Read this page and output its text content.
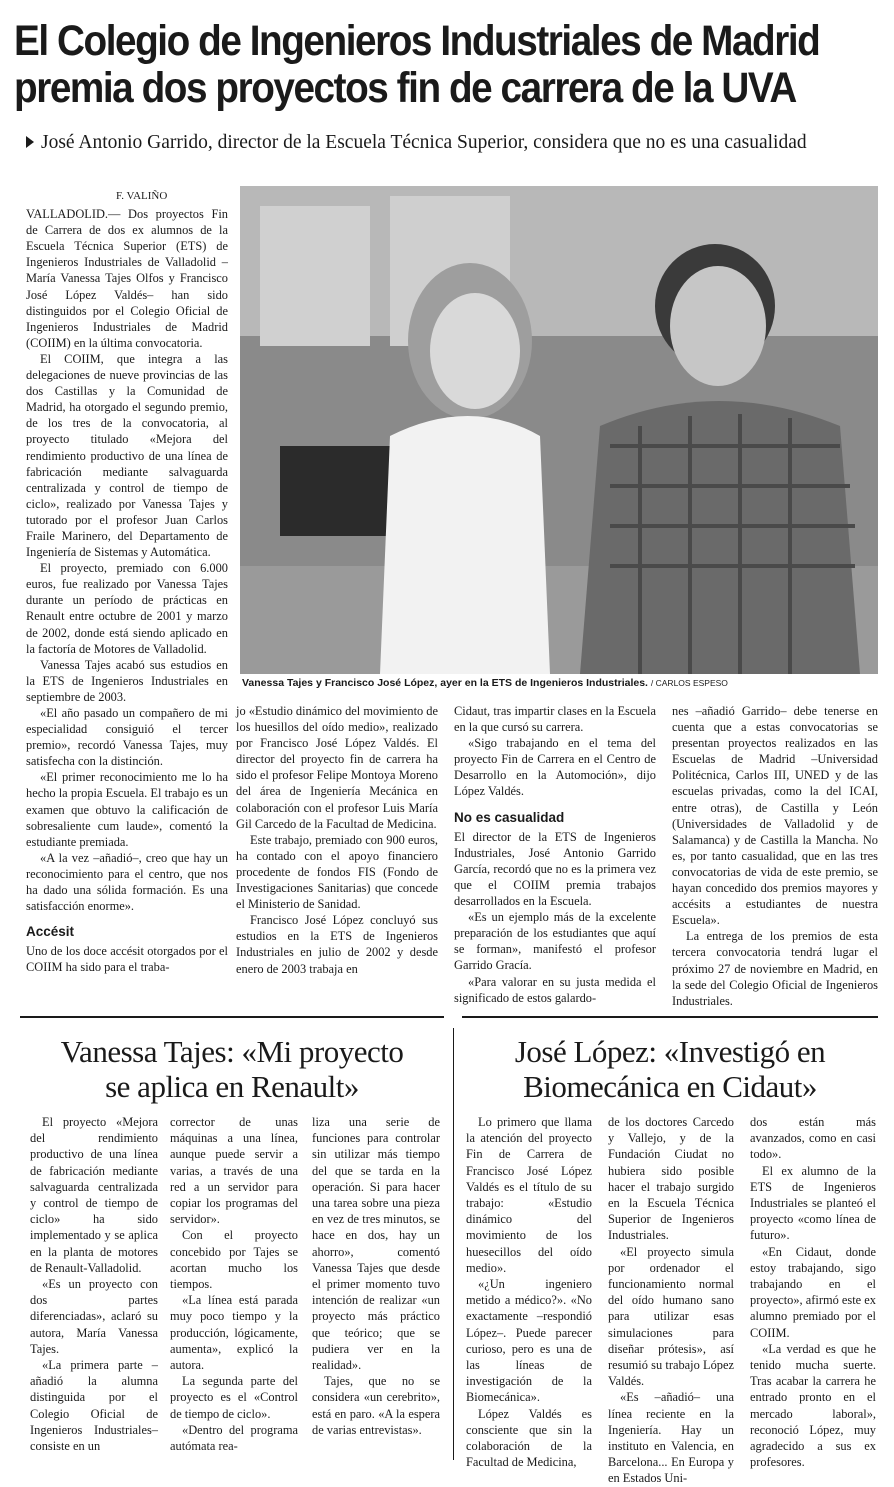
El Colegio de Ingenieros Industriales de Madrid
premia dos proyectos fin de carrera de la UVA
José Antonio Garrido, director de la Escuela Técnica Superior, considera que no es una casualidad
F. VALIÑO

VALLADOLID.— Dos proyectos Fin de Carrera de dos ex alumnos de la Escuela Técnica Superior (ETS) de Ingenieros Industriales de Valladolid –María Vanessa Tajes Olfos y Francisco José López Valdés– han sido distinguidos por el Colegio Oficial de Ingenieros Industriales de Madrid (COIIM) en la última convocatoria.

El COIIM, que integra a las delegaciones de nueve provincias de las dos Castillas y la Comunidad de Madrid, ha otorgado el segundo premio, de los tres de la convocatoria, al proyecto titulado «Mejora del rendimiento productivo de una línea de fabricación mediante salvaguarda centralizada y control de tiempo de ciclo», realizado por Vanessa Tajes y tutorado por el profesor Juan Carlos Fraile Marinero, del Departamento de Ingeniería de Sistemas y Automática.

El proyecto, premiado con 6.000 euros, fue realizado por Vanessa Tajes durante un período de prácticas en Renault entre octubre de 2001 y marzo de 2002, donde está siendo aplicado en la factoría de Motores de Valladolid.

Vanessa Tajes acabó sus estudios en la ETS de Ingenieros Industriales en septiembre de 2003.

«El año pasado un compañero de mi especialidad consiguió el tercer premio», recordó Vanessa Tajes, muy satisfecha con la distinción.

«El primer reconocimiento me lo ha hecho la propia Escuela. El trabajo es un examen que obtuvo la calificación de sobresaliente cum laude», comentó la estudiante premiada.

«A la vez –añadió–, creo que hay un reconocimiento para el centro, que nos ha dado una sólida formación. Es una satisfacción enorme».

Accésit

Uno de los doce accésit otorgados por el COIIM ha sido para el traba-

Vanessa Tajes y Francisco José López, ayer en la ETS de Ingenieros Industriales. / CARLOS ESPESO

jo «Estudio dinámico del movimiento de los huesillos del oído medio», realizado por Francisco José López Valdés. El director del proyecto fin de carrera ha sido el profesor Felipe Montoya Moreno del área de Ingeniería Mecánica en colaboración con el profesor Luis María Gil Carcedo de la Facultad de Medicina.

Este trabajo, premiado con 900 euros, ha contado con el apoyo financiero procedente de fondos FIS (Fondo de Investigaciones Sanitarias) que concede el Ministerio de Sanidad.

Francisco José López concluyó sus estudios en la ETS de Ingenieros Industriales en julio de 2002 y desde enero de 2003 trabaja en

Cidaut, tras impartir clases en la Escuela en la que cursó su carrera.

«Sigo trabajando en el tema del proyecto Fin de Carrera en el Centro de Desarrollo en la Automoción», dijo López Valdés.

No es casualidad

El director de la ETS de Ingenieros Industriales, José Antonio Garrido García, recordó que no es la primera vez que el COIIM premia trabajos desarrollados en la Escuela.

«Es un ejemplo más de la excelente preparación de los estudiantes que aquí se forman», manifestó el profesor Garrido Gracía.

«Para valorar en su justa medida el significado de estos galardo-

nes –añadió Garrido– debe tenerse en cuenta que a estas convocatorias se presentan proyectos realizados en las Escuelas de Madrid –Universidad Politécnica, Carlos III, UNED y de las escuelas privadas, como la del ICAI, entre otras), de Castilla y León (Universidades de Valladolid y de Salamanca) y de Castilla la Mancha. No es, por tanto casualidad, que en las tres convocatorias de vida de este premio, se hayan concedido dos premios mayores y accésits a estudiantes de nuestra Escuela».

La entrega de los premios de esta tercera convocatoria tendrá lugar el próximo 27 de noviembre en Madrid, en la sede del Colegio Oficial de Ingenieros Industriales.

Vanessa Tajes: «Mi proyecto
se aplica en Renault»

El proyecto «Mejora del rendimiento productivo de una línea de fabricación mediante salvaguarda centralizada y control de tiempo de ciclo» ha sido implementado y se aplica en la planta de motores de Renault-Valladolid.

«Es un proyecto con dos partes diferenciadas», aclaró su autora, María Vanessa Tajes.

«La primera parte –añadió la alumna distinguida por el Colegio Oficial de Ingenieros Industriales– consiste en un

corrector de unas máquinas a una línea, aunque puede servir a varias, a través de una red a un servidor para copiar los programas del servidor».

Con el proyecto concebido por Tajes se acortan mucho los tiempos.

«La línea está parada muy poco tiempo y la producción, lógicamente, aumenta», explicó la autora.

La segunda parte del proyecto es el «Control de tiempo de ciclo».

«Dentro del programa autómata rea-

liza una serie de funciones para controlar sin utilizar más tiempo del que se tarda en la operación. Si para hacer una tarea sobre una pieza en vez de tres minutos, se hace en dos, hay un ahorro», comentó Vanessa Tajes que desde el primer momento tuvo intención de realizar «un proyecto más práctico que teórico; que se pudiera ver en la realidad».

Tajes, que no se considera «un cerebrito», está en paro. «A la espera de varias entrevistas».

José López: «Investigó en
Biomecánica en Cidaut»

Lo primero que llama la atención del proyecto Fin de Carrera de Francisco José López Valdés es el título de su trabajo: «Estudio dinámico del movimiento de los huesecillos del oído medio».

«¿Un ingeniero metido a médico?». «No exactamente –respondió López–. Puede parecer curioso, pero es una de las líneas de investigación de la Biomecánica».

López Valdés es consciente que sin la colaboración de la Facultad de Medicina,

de los doctores Carcedo y Vallejo, y de la Fundación Ciudat no hubiera sido posible hacer el trabajo surgido en la Escuela Técnica Superior de Ingenieros Industriales.

«El proyecto simula por ordenador el funcionamiento normal del oído humano sano para utilizar esas simulaciones para diseñar prótesis», así resumió su trabajo López Valdés.

«Es –añadió– una línea reciente en la Ingeniería. Hay un instituto en Valencia, en Barcelona... En Europa y en Estados Uni-

dos están más avanzados, como en casi todo».

El ex alumno de la ETS de Ingenieros Industriales se planteó el proyecto «como línea de futuro».

«En Cidaut, donde estoy trabajando, sigo trabajando en el proyecto», afirmó este ex alumno premiado por el COIIM.

«La verdad es que he tenido mucha suerte. Tras acabar la carrera he entrado pronto en el mercado laboral», reconoció López, muy agradecido a sus ex profesores.
